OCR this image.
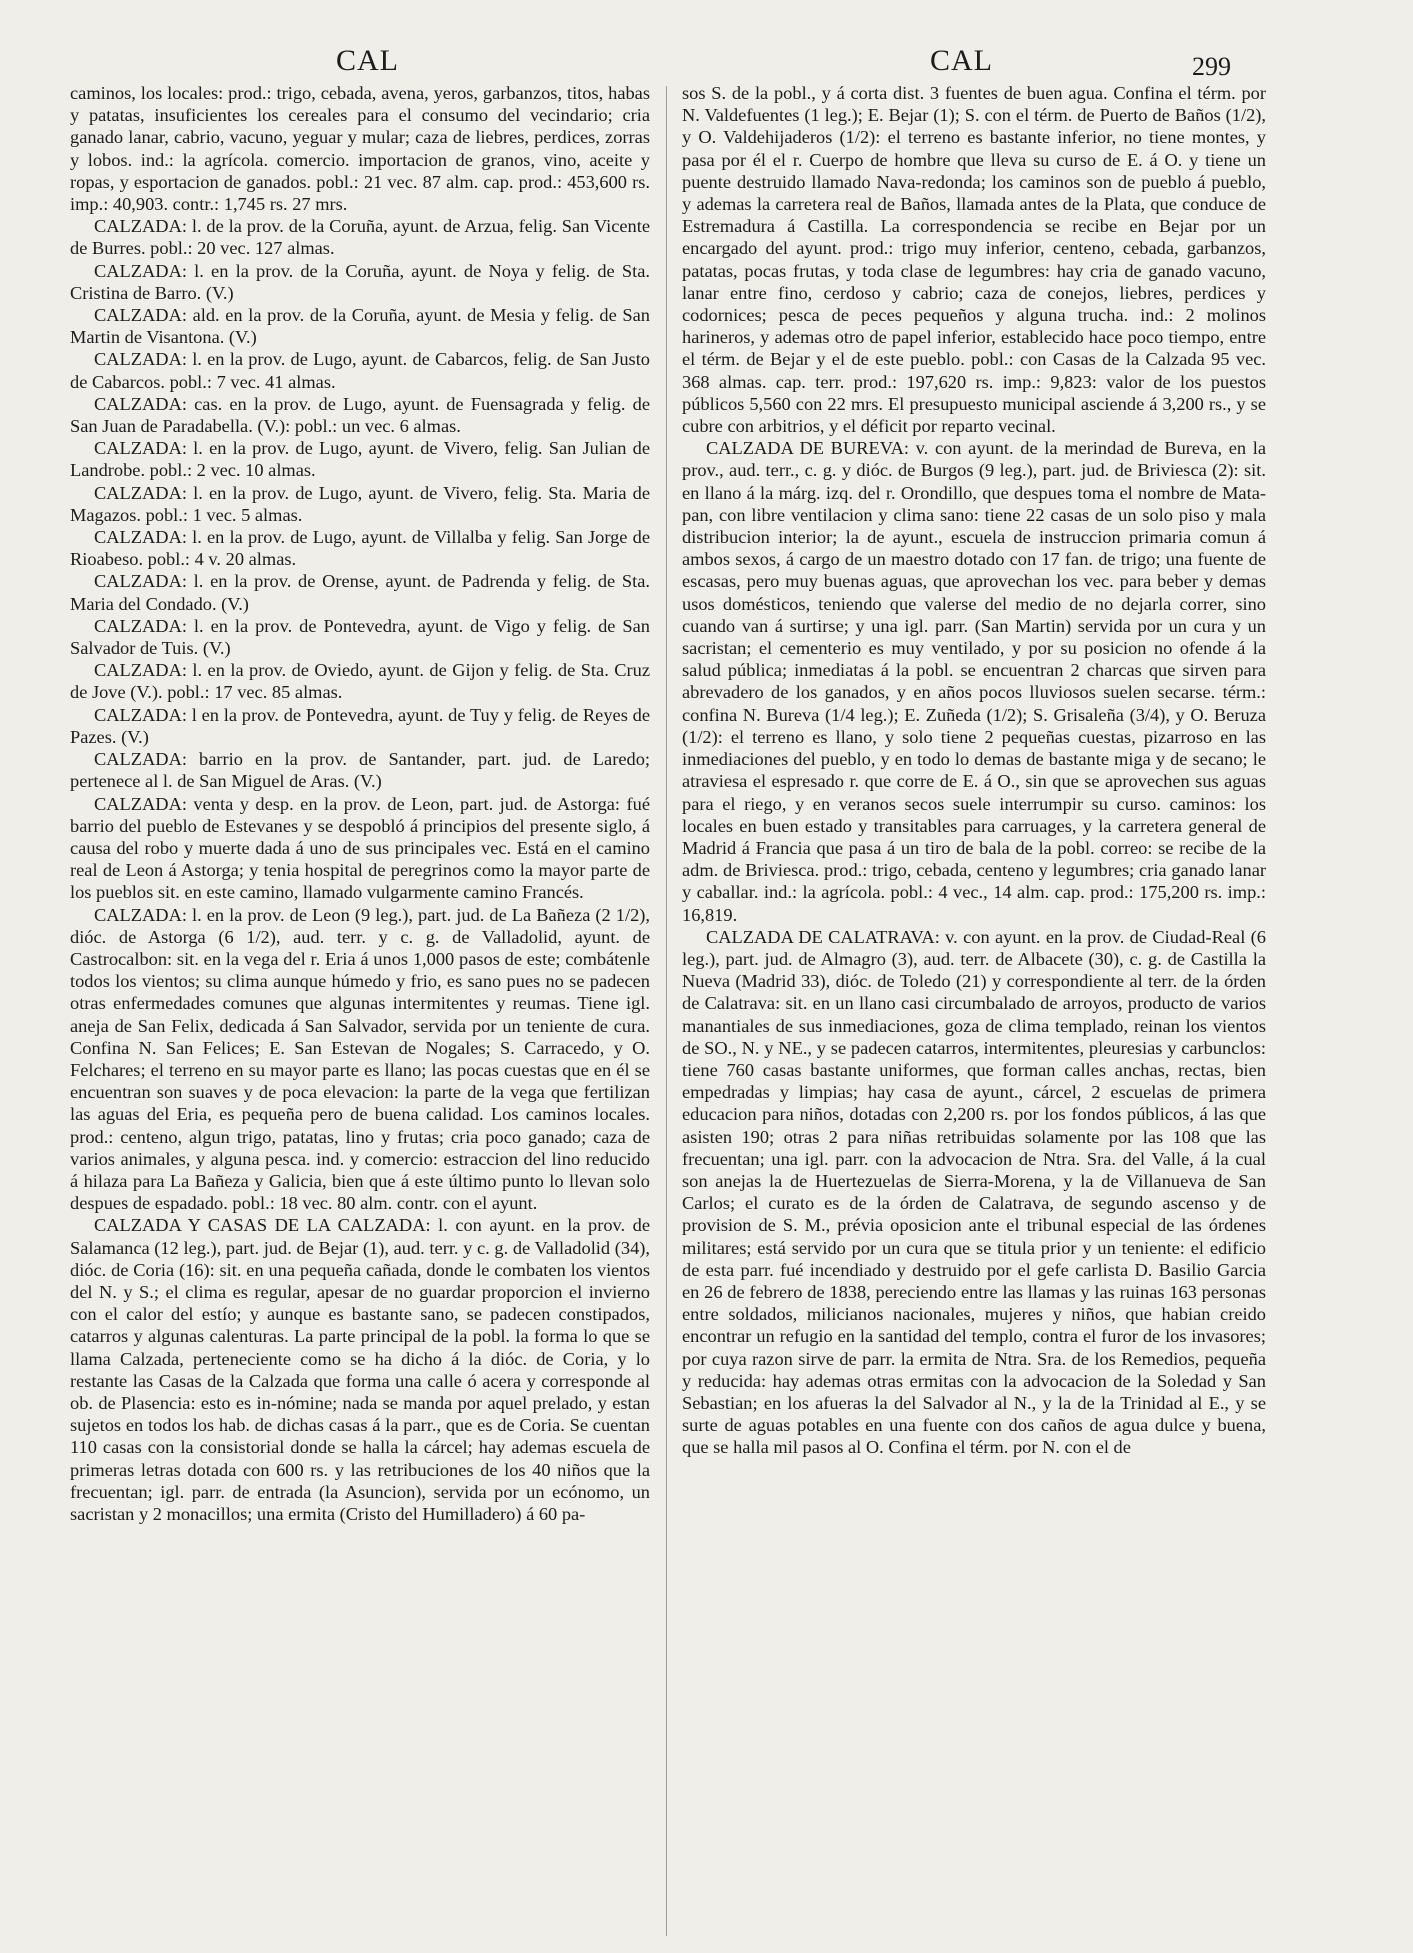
CAL	CAL	299

caminos, los locales: prod.: trigo, cebada, avena, yeros, garbanzos, titos, habas y patatas, insuficientes los cereales para el consumo del vecindario; cria ganado lanar, cabrio, vacuno, yeguar y mular; caza de liebres, perdices, zorras y lobos. ind.: la agrícola. comercio. importacion de granos, vino, aceite y ropas, y esportacion de ganados. pobl.: 21 vec. 87 alm. cap. prod.: 453,600 rs. imp.: 40,903. contr.: 1,745 rs. 27 mrs.

CALZADA: l. de la prov. de la Coruña, ayunt. de Arzua, felig. San Vicente de Burres. pobl.: 20 vec. 127 almas.

CALZADA: l. en la prov. de la Coruña, ayunt. de Noya y felig. de Sta. Cristina de Barro. (V.)

CALZADA: ald. en la prov. de la Coruña, ayunt. de Mesia y felig. de San Martin de Visantona. (V.)

CALZADA: l. en la prov. de Lugo, ayunt. de Cabarcos, felig. de San Justo de Cabarcos. pobl.: 7 vec. 41 almas.

CALZADA: cas. en la prov. de Lugo, ayunt. de Fuensagrada y felig. de San Juan de Paradabella. (V.): pobl.: un vec. 6 almas.

CALZADA: l. en la prov. de Lugo, ayunt. de Vivero, felig. San Julian de Landrobe. pobl.: 2 vec. 10 almas.

CALZADA: l. en la prov. de Lugo, ayunt. de Vivero, felig. Sta. Maria de Magazos. pobl.: 1 vec. 5 almas.

CALZADA: l. en la prov. de Lugo, ayunt. de Villalba y felig. San Jorge de Rioabeso. pobl.: 4 v. 20 almas.

CALZADA: l. en la prov. de Orense, ayunt. de Padrenda y felig. de Sta. Maria del Condado. (V.)

CALZADA: l. en la prov. de Pontevedra, ayunt. de Vigo y felig. de San Salvador de Tuis. (V.)

CALZADA: l. en la prov. de Oviedo, ayunt. de Gijon y felig. de Sta. Cruz de Jove (V.). pobl.: 17 vec. 85 almas.

CALZADA: l en la prov. de Pontevedra, ayunt. de Tuy y felig. de Reyes de Pazes. (V.)

CALZADA: barrio en la prov. de Santander, part. jud. de Laredo; pertenece al l. de San Miguel de Aras. (V.)

CALZADA: venta y desp. en la prov. de Leon, part. jud. de Astorga: fué barrio del pueblo de Estevanes y se despobló á principios del presente siglo, á causa del robo y muerte dada á uno de sus principales vec. Está en el camino real de Leon á Astorga; y tenia hospital de peregrinos como la mayor parte de los pueblos sit. en este camino, llamado vulgarmente camino Francés.

CALZADA: l. en la prov. de Leon (9 leg.), part. jud. de La Bañeza (2 1/2), dióc. de Astorga (6 1/2), aud. terr. y c. g. de Valladolid, ayunt. de Castrocalbon: sit. en la vega del r. Eria á unos 1,000 pasos de este; combátenle todos los vientos; su clima aunque húmedo y frio, es sano pues no se padecen otras enfermedades comunes que algunas intermitentes y reumas. Tiene igl. aneja de San Felix, dedicada á San Salvador, servida por un teniente de cura. Confina N. San Felices; E. San Estevan de Nogales; S. Carracedo, y O. Felchares; el terreno en su mayor parte es llano; las pocas cuestas que en él se encuentran son suaves y de poca elevacion: la parte de la vega que fertilizan las aguas del Eria, es pequeña pero de buena calidad. Los caminos locales. prod.: centeno, algun trigo, patatas, lino y frutas; cria poco ganado; caza de varios animales, y alguna pesca. ind. y comercio: estraccion del lino reducido á hilaza para La Bañeza y Galicia, bien que á este último punto lo llevan solo despues de espadado. pobl.: 18 vec. 80 alm. contr. con el ayunt.

CALZADA Y CASAS DE LA CALZADA: l. con ayunt. en la prov. de Salamanca (12 leg.), part. jud. de Bejar (1), aud. terr. y c. g. de Valladolid (34), dióc. de Coria (16): sit. en una pequeña cañada, donde le combaten los vientos del N. y S.; el clima es regular, apesar de no guardar proporcion el invierno con el calor del estío; y aunque es bastante sano, se padecen constipados, catarros y algunas calenturas. La parte principal de la pobl. la forma lo que se llama Calzada, perteneciente como se ha dicho á la dióc. de Coria, y lo restante las Casas de la Calzada que forma una calle ó acera y corresponde al ob. de Plasencia: esto es in-nómine; nada se manda por aquel prelado, y estan sujetos en todos los hab. de dichas casas á la parr., que es de Coria. Se cuentan 110 casas con la consistorial donde se halla la cárcel; hay ademas escuela de primeras letras dotada con 600 rs. y las retribuciones de los 40 niños que la frecuentan; igl. parr. de entrada (la Asuncion), servida por un ecónomo, un sacristan y 2 monacillos; una ermita (Cristo del Humilladero) á 60 pa-

sos S. de la pobl., y á corta dist. 3 fuentes de buen agua. Confina el térm. por N. Valdefuentes (1 leg.); E. Bejar (1); S. con el térm. de Puerto de Baños (1/2), y O. Valdehijaderos (1/2): el terreno es bastante inferior, no tiene montes, y pasa por él el r. Cuerpo de hombre que lleva su curso de E. á O. y tiene un puente destruido llamado Nava-redonda; los caminos son de pueblo á pueblo, y ademas la carretera real de Baños, llamada antes de la Plata, que conduce de Estremadura á Castilla. La correspondencia se recibe en Bejar por un encargado del ayunt. prod.: trigo muy inferior, centeno, cebada, garbanzos, patatas, pocas frutas, y toda clase de legumbres: hay cria de ganado vacuno, lanar entre fino, cerdoso y cabrio; caza de conejos, liebres, perdices y codornices; pesca de peces pequeños y alguna trucha. ind.: 2 molinos harineros, y ademas otro de papel inferior, establecido hace poco tiempo, entre el térm. de Bejar y el de este pueblo. pobl.: con Casas de la Calzada 95 vec. 368 almas. cap. terr. prod.: 197,620 rs. imp.: 9,823: valor de los puestos públicos 5,560 con 22 mrs. El presupuesto municipal asciende á 3,200 rs., y se cubre con arbitrios, y el déficit por reparto vecinal.

CALZADA DE BUREVA: v. con ayunt. de la merindad de Bureva, en la prov., aud. terr., c. g. y dióc. de Burgos (9 leg.), part. jud. de Briviesca (2): sit. en llano á la márg. izq. del r. Orondillo, que despues toma el nombre de Mata-pan, con libre ventilacion y clima sano: tiene 22 casas de un solo piso y mala distribucion interior; la de ayunt., escuela de instruccion primaria comun á ambos sexos, á cargo de un maestro dotado con 17 fan. de trigo; una fuente de escasas, pero muy buenas aguas, que aprovechan los vec. para beber y demas usos domésticos, teniendo que valerse del medio de no dejarla correr, sino cuando van á surtirse; y una igl. parr. (San Martin) servida por un cura y un sacristan; el cementerio es muy ventilado, y por su posicion no ofende á la salud pública; inmediatas á la pobl. se encuentran 2 charcas que sirven para abrevadero de los ganados, y en años pocos lluviosos suelen secarse. térm.: confina N. Bureva (1/4 leg.); E. Zuñeda (1/2); S. Grisaleña (3/4), y O. Beruza (1/2): el terreno es llano, y solo tiene 2 pequeñas cuestas, pizarroso en las inmediaciones del pueblo, y en todo lo demas de bastante miga y de secano; le atraviesa el espresado r. que corre de E. á O., sin que se aprovechen sus aguas para el riego, y en veranos secos suele interrumpir su curso. caminos: los locales en buen estado y transitables para carruages, y la carretera general de Madrid á Francia que pasa á un tiro de bala de la pobl. correo: se recibe de la adm. de Briviesca. prod.: trigo, cebada, centeno y legumbres; cria ganado lanar y caballar. ind.: la agrícola. pobl.: 4 vec., 14 alm. cap. prod.: 175,200 rs. imp.: 16,819.

CALZADA DE CALATRAVA: v. con ayunt. en la prov. de Ciudad-Real (6 leg.), part. jud. de Almagro (3), aud. terr. de Albacete (30), c. g. de Castilla la Nueva (Madrid 33), dióc. de Toledo (21) y correspondiente al terr. de la órden de Calatrava: sit. en un llano casi circumbalado de arroyos, producto de varios manantiales de sus inmediaciones, goza de clima templado, reinan los vientos de SO., N. y NE., y se padecen catarros, intermitentes, pleuresias y carbunclos: tiene 760 casas bastante uniformes, que forman calles anchas, rectas, bien empedradas y limpias; hay casa de ayunt., cárcel, 2 escuelas de primera educacion para niños, dotadas con 2,200 rs. por los fondos públicos, á las que asisten 190; otras 2 para niñas retribuidas solamente por las 108 que las frecuentan; una igl. parr. con la advocacion de Ntra. Sra. del Valle, á la cual son anejas la de Huertezuelas de Sierra-Morena, y la de Villanueva de San Carlos; el curato es de la órden de Calatrava, de segundo ascenso y de provision de S. M., prévia oposicion ante el tribunal especial de las órdenes militares; está servido por un cura que se titula prior y un teniente: el edificio de esta parr. fué incendiado y destruido por el gefe carlista D. Basilio Garcia en 26 de febrero de 1838, pereciendo entre las llamas y las ruinas 163 personas entre soldados, milicianos nacionales, mujeres y niños, que habian creido encontrar un refugio en la santidad del templo, contra el furor de los invasores; por cuya razon sirve de parr. la ermita de Ntra. Sra. de los Remedios, pequeña y reducida: hay ademas otras ermitas con la advocacion de la Soledad y San Sebastian; en los afueras la del Salvador al N., y la de la Trinidad al E., y se surte de aguas potables en una fuente con dos caños de agua dulce y buena, que se halla mil pasos al O. Confina el térm. por N. con el de
